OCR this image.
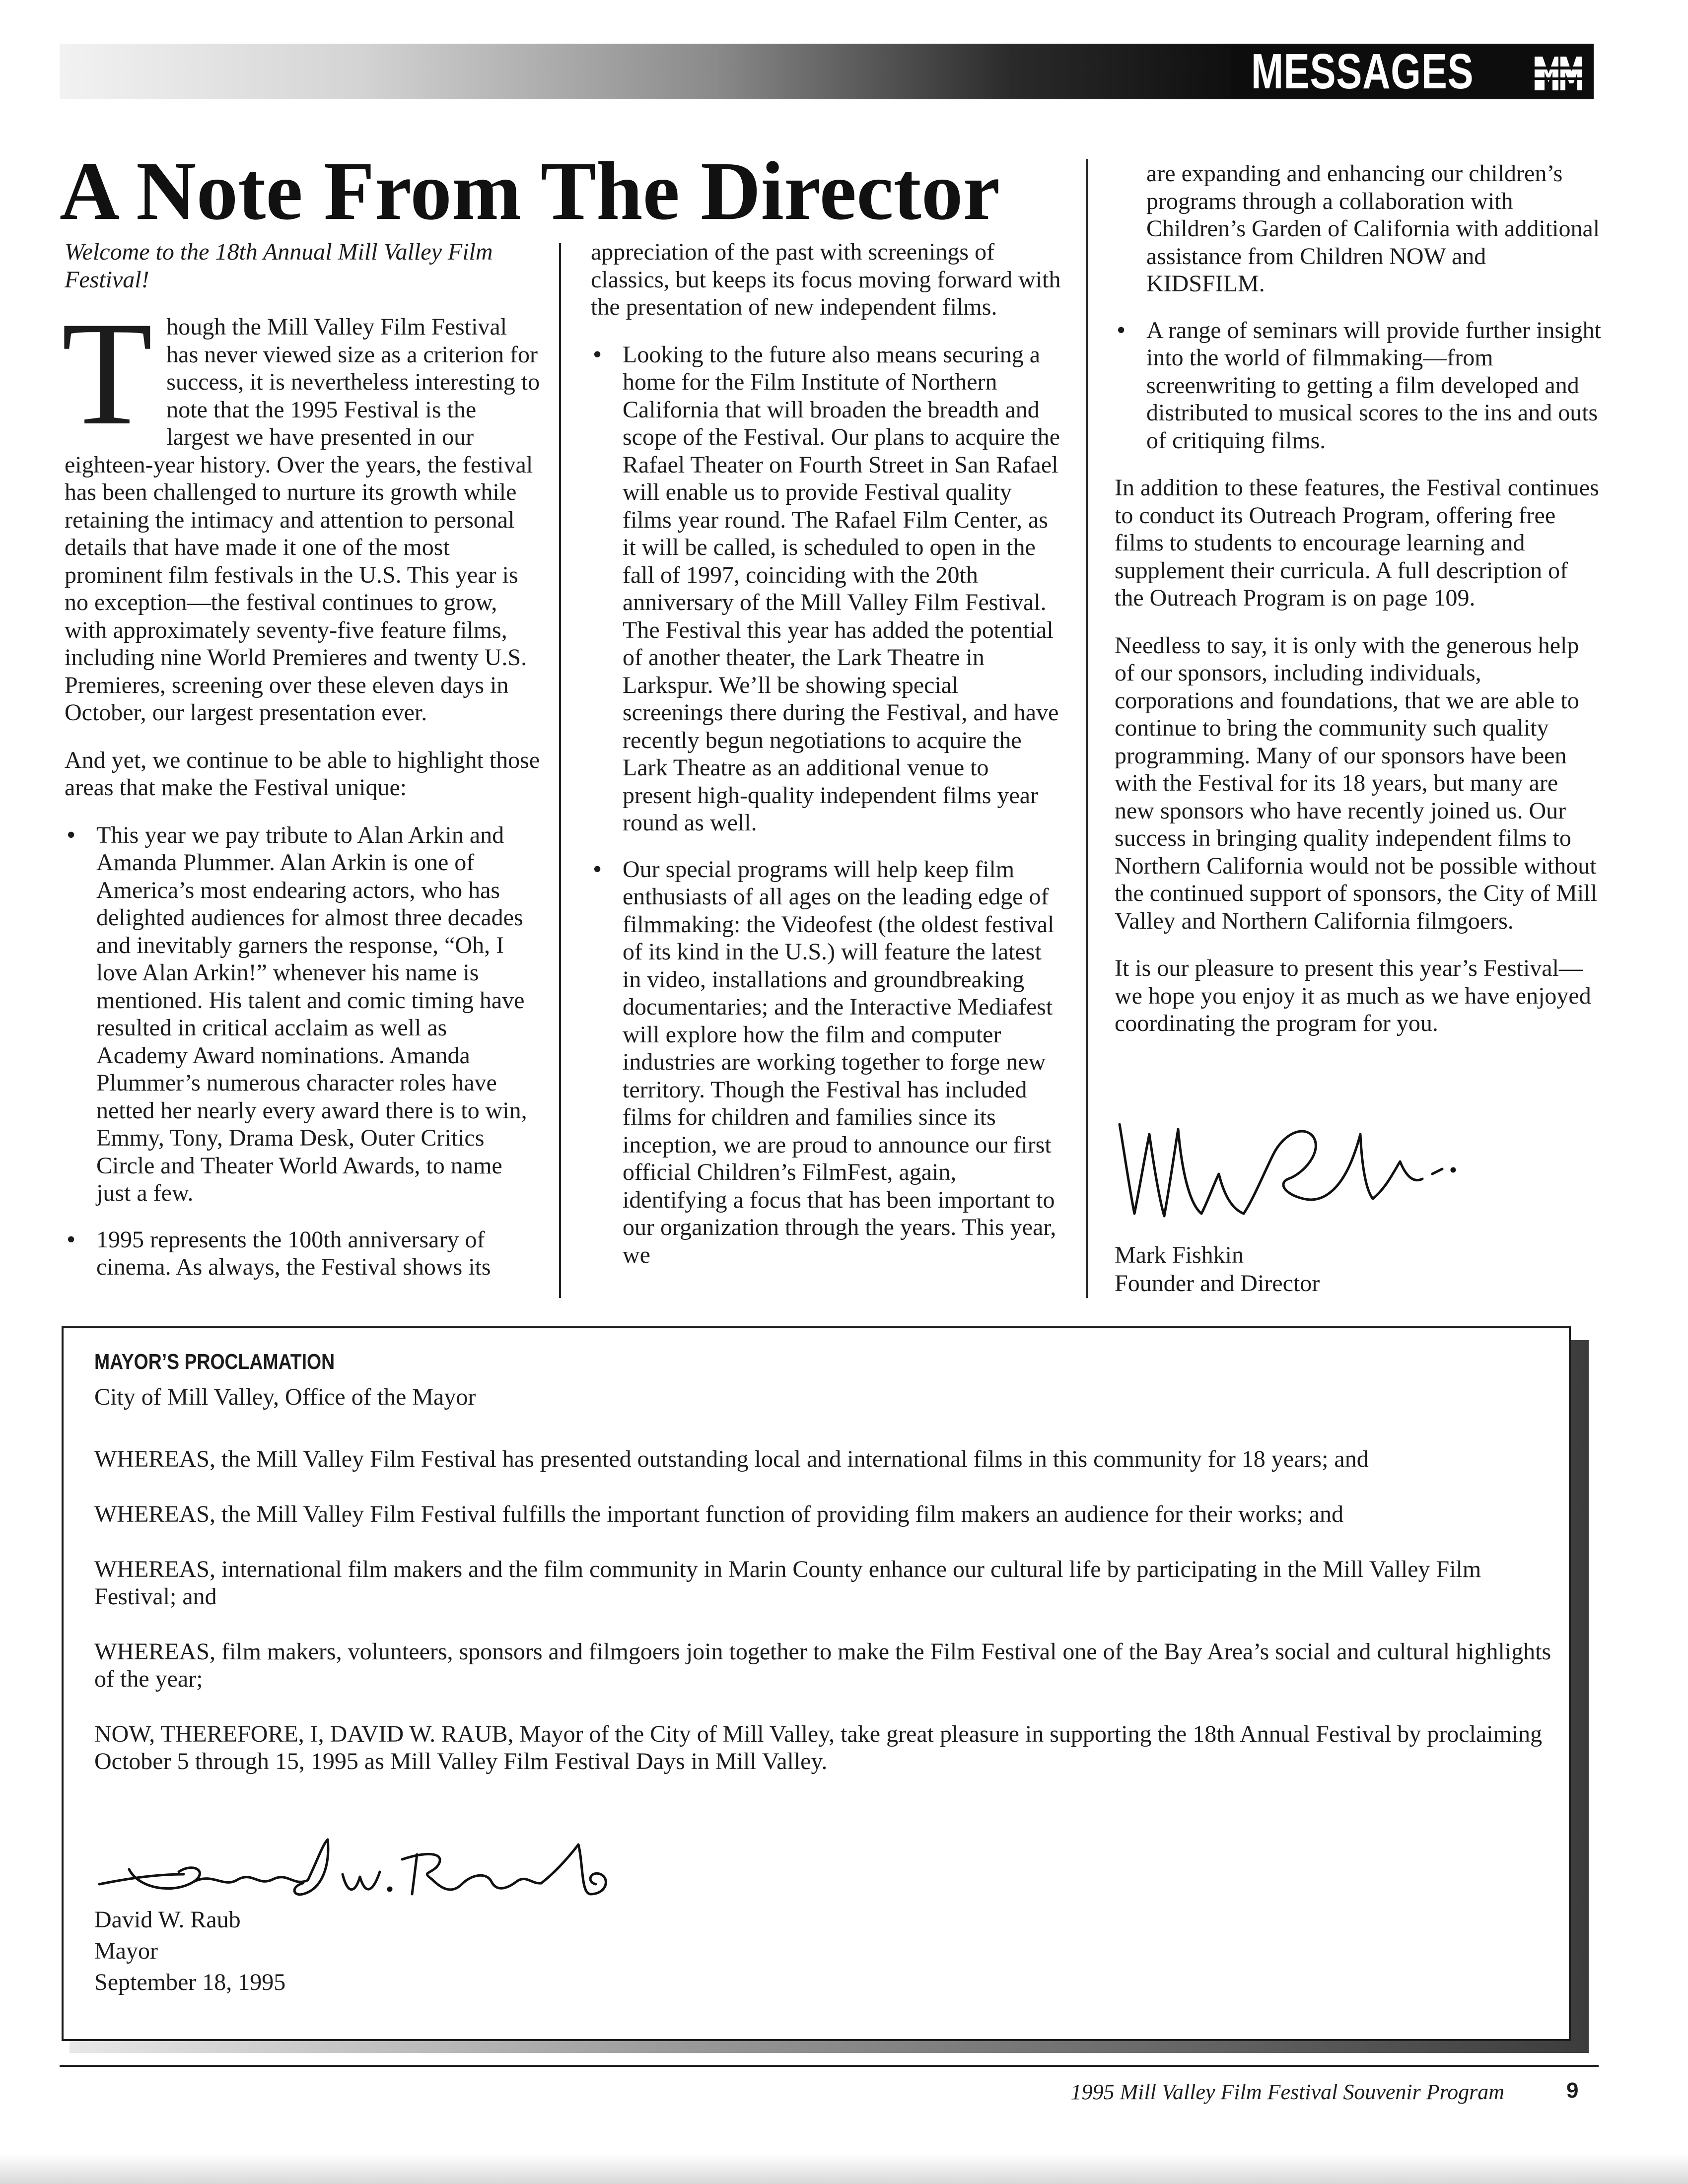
MESSAGES
A Note From The Director

Welcome to the 18th Annual Mill Valley Film Festival!

Though the Mill Valley Film Festival has never viewed size as a criterion for success, it is nevertheless interesting to note that the 1995 Festival is the largest we have presented in our eighteen-year history. Over the years, the festival has been challenged to nurture its growth while retaining the intimacy and attention to personal details that have made it one of the most prominent film festivals in the U.S. This year is no exception—the festival continues to grow, with approximately seventy-five feature films, including nine World Premieres and twenty U.S. Premieres, screening over these eleven days in October, our largest presentation ever.

And yet, we continue to be able to highlight those areas that make the Festival unique:

• This year we pay tribute to Alan Arkin and Amanda Plummer. Alan Arkin is one of America’s most endearing actors, who has delighted audiences for almost three decades and inevitably garners the response, “Oh, I love Alan Arkin!” whenever his name is mentioned. His talent and comic timing have resulted in critical acclaim as well as Academy Award nominations. Amanda Plummer’s numerous character roles have netted her nearly every award there is to win, Emmy, Tony, Drama Desk, Outer Critics Circle and Theater World Awards, to name just a few.
• 1995 represents the 100th anniversary of cinema. As always, the Festival shows its

appreciation of the past with screenings of classics, but keeps its focus moving forward with the presentation of new independent films.

• Looking to the future also means securing a home for the Film Institute of Northern California that will broaden the breadth and scope of the Festival. Our plans to acquire the Rafael Theater on Fourth Street in San Rafael will enable us to provide Festival quality films year round. The Rafael Film Center, as it will be called, is scheduled to open in the fall of 1997, coinciding with the 20th anniversary of the Mill Valley Film Festival. The Festival this year has added the potential of another theater, the Lark Theatre in Larkspur. We’ll be showing special screenings there during the Festival, and have recently begun negotiations to acquire the Lark Theatre as an additional venue to present high-quality independent films year round as well.
• Our special programs will help keep film enthusiasts of all ages on the leading edge of filmmaking: the Videofest (the oldest festival of its kind in the U.S.) will feature the latest in video, installations and groundbreaking documentaries; and the Interactive Mediafest will explore how the film and computer industries are working together to forge new territory. Though the Festival has included films for children and families since its inception, we are proud to announce our first official Children’s FilmFest, again, identifying a focus that has been important to our organization through the years. This year, we

are expanding and enhancing our children’s programs through a collaboration with Children’s Garden of California with additional assistance from Children NOW and KIDSFILM.

• A range of seminars will provide further insight into the world of filmmaking—from screenwriting to getting a film developed and distributed to musical scores to the ins and outs of critiquing films.

In addition to these features, the Festival continues to conduct its Outreach Program, offering free films to students to encourage learning and supplement their curricula. A full description of the Outreach Program is on page 109.

Needless to say, it is only with the generous help of our sponsors, including individuals, corporations and foundations, that we are able to continue to bring the community such quality programming. Many of our sponsors have been with the Festival for its 18 years, but many are new sponsors who have recently joined us. Our success in bringing quality independent films to Northern California would not be possible without the continued support of sponsors, the City of Mill Valley and Northern California filmgoers.

It is our pleasure to present this year’s Festival—we hope you enjoy it as much as we have enjoyed coordinating the program for you.

Mark Fishkin
Founder and Director

MAYOR’S PROCLAMATION

City of Mill Valley, Office of the Mayor

WHEREAS, the Mill Valley Film Festival has presented outstanding local and international films in this community for 18 years; and

WHEREAS, the Mill Valley Film Festival fulfills the important function of providing film makers an audience for their works; and

WHEREAS, international film makers and the film community in Marin County enhance our cultural life by participating in the Mill Valley Film Festival; and

WHEREAS, film makers, volunteers, sponsors and filmgoers join together to make the Film Festival one of the Bay Area’s social and cultural highlights of the year;

NOW, THEREFORE, I, DAVID W. RAUB, Mayor of the City of Mill Valley, take great pleasure in supporting the 18th Annual Festival by proclaiming October 5 through 15, 1995 as Mill Valley Film Festival Days in Mill Valley.

David W. Raub
Mayor
September 18, 1995
1995 Mill Valley Film Festival Souvenir Program	9
